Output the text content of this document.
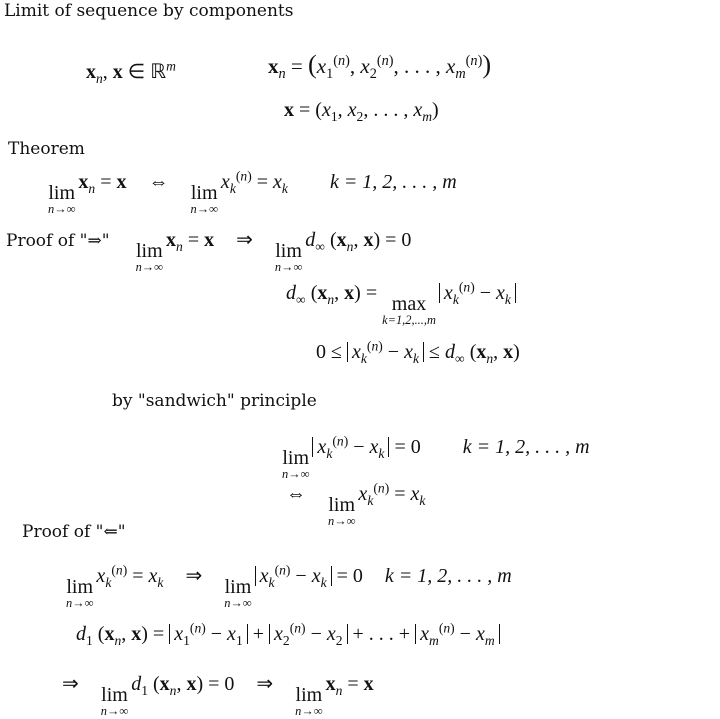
Limit of sequence by components
$x_n$, x ∈ ℝ$^m$	$x_n = (x_1^{(n)}$, $x_2^{(n)}$, . . . , $x_m^{(n)}$)
$x = (x_1$, $x_2$, . . . , $x_m$)
Theorem
lim
n→∞
$x_n = x$ ⇔ lim
n→∞
$x_k^{(n)} = x_k$ k = 1, 2, . . . , m
Proof of "⇒" lim
n→∞
$x_n = x$ ⇒ lim
n→∞
$d_\infty$ ($x_n$, x) = 0
$d_\infty$ ($x_n$, x) = max
k=1,2,...,m
$x_k^{(n)} - x_k$
$0 \le x_k^{(n)} - x_k \le d_\infty$ ($x_n$, x)
by "sandwich" principle
lim
n→∞
$x_k^{(n)} - x_k = 0$ k = 1, 2, . . . , m
⇔ lim
n→∞
$x_k^{(n)} = x_k$
Proof of "⇐"
lim
n→∞
$x_k^{(n)} = x_k$ ⇒ lim
n→∞
$x_k^{(n)} - x_k = 0$ k = 1, 2, . . . , m
$d_1$ ($x_n$, $x) = x_1^{(n)} - x_1 + x_2^{(n)} - x_2$ + . . . + $x_m^{(n)} - x_m$
⇒ lim
n→∞
$d_1$ ($x_n$, x) = 0 ⇒ lim
n→∞
$x_n = x$
